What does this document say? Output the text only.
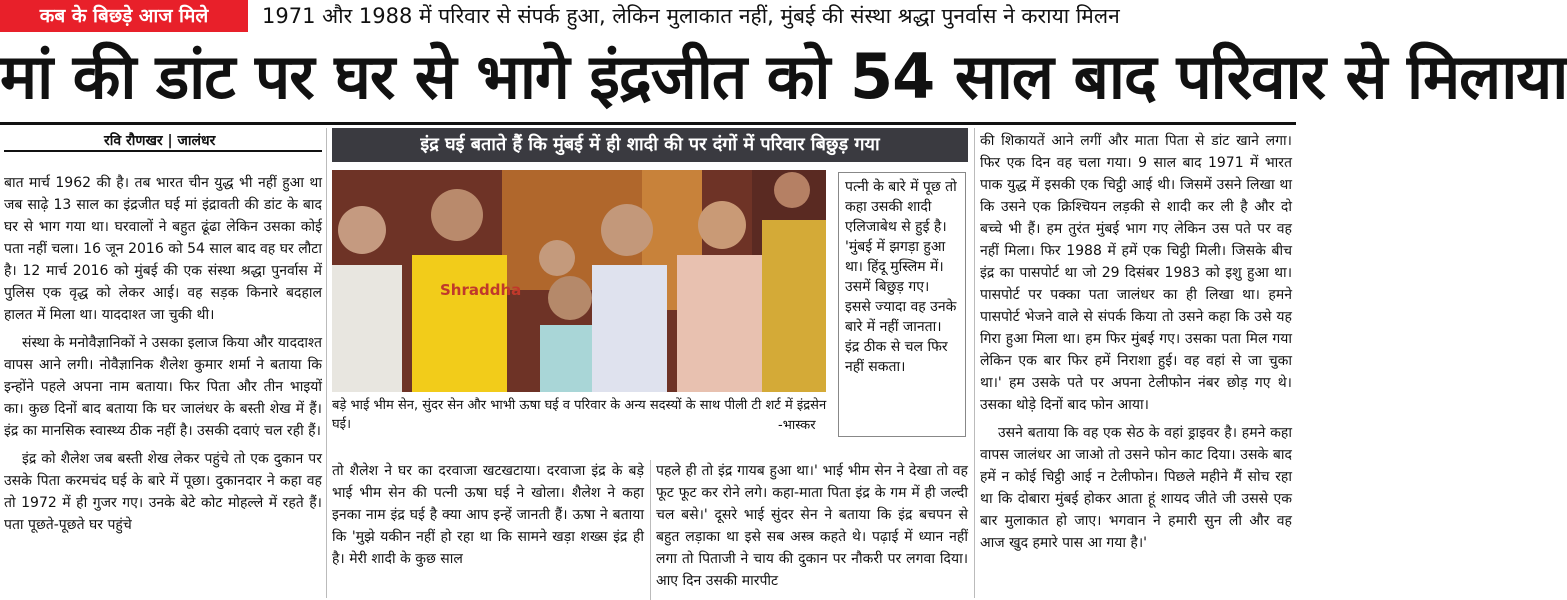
कब के बिछड़े आज मिले	1971 और 1988 में परिवार से संपर्क हुआ, लेकिन मुलाकात नहीं, मुंबई की संस्था श्रद्धा पुनर्वास ने कराया मिलन
मां की डांट पर घर से भागे इंद्रजीत को 54 साल बाद परिवार से मिलाया
रवि रौणखर | जालंधर

बात मार्च 1962 की है। तब भारत चीन युद्ध भी नहीं हुआ था जब साढ़े 13 साल का इंद्रजीत घई मां इंद्रावती की डांट के बाद घर से भाग गया था। घरवालों ने बहुत ढूंढा लेकिन उसका कोई पता नहीं चला। 16 जून 2016 को 54 साल बाद वह घर लौटा है। 12 मार्च 2016 को मुंबई की एक संस्था श्रद्धा पुनर्वास में पुलिस एक वृद्ध को लेकर आई। वह सड़क किनारे बदहाल हालत में मिला था। याददाश्त जा चुकी थी।

संस्था के मनोवैज्ञानिकों ने उसका इलाज किया और याददाश्त वापस आने लगी। नोवैज्ञानिक शैलेश कुमार शर्मा ने बताया कि इन्होंने पहले अपना नाम बताया। फिर पिता और तीन भाइयों का। कुछ दिनों बाद बताया कि घर जालंधर के बस्ती शेख में हैं। इंद्र का मानसिक स्वास्थ्य ठीक नहीं है। उसकी दवाएं चल रही हैं।

इंद्र को शैलेश जब बस्ती शेख लेकर पहुंचे तो एक दुकान पर उसके पिता करमचंद घई के बारे में पूछा। दुकानदार ने कहा वह तो 1972 में ही गुजर गए। उनके बेटे कोट मोहल्ले में रहते हैं। पता पूछते-पूछते घर पहुंचे

इंद्र घई बताते हैं कि मुंबई में ही शादी की पर दंगों में परिवार बिछुड़ गया
Shraddha
पत्नी के बारे में पूछ तो कहा उसकी शादी एलिजाबेथ से हुई है। 'मुंबई में झगड़ा हुआ था। हिंदू मुस्लिम में। उसमें बिछुड़ गए। इससे ज्यादा वह उनके बारे में नहीं जानता। इंद्र ठीक से चल फिर नहीं सकता।
बड़े भाई भीम सेन, सुंदर सेन और भाभी ऊषा घई व परिवार के अन्य सदस्यों के साथ पीली टी शर्ट में इंद्रसेन घई।	-भास्कर

तो शैलेश ने घर का दरवाजा खटखटाया। दरवाजा इंद्र के बड़े भाई भीम सेन की पत्नी ऊषा घई ने खोला। शैलेश ने कहा इनका नाम इंद्र घई है क्या आप इन्हें जानती हैं। ऊषा ने बताया कि 'मुझे यकीन नहीं हो रहा था कि सामने खड़ा शख्स इंद्र ही है। मेरी शादी के कुछ साल

पहले ही तो इंद्र गायब हुआ था।' भाई भीम सेन ने देखा तो वह फूट फूट कर रोने लगे। कहा-माता पिता इंद्र के गम में ही जल्दी चल बसे।' दूसरे भाई सुंदर सेन ने बताया कि इंद्र बचपन से बहुत लड़ाका था इसे सब अस्त्र कहते थे। पढ़ाई में ध्यान नहीं लगा तो पिताजी ने चाय की दुकान पर नौकरी पर लगवा दिया। आए दिन उसकी मारपीट

की शिकायतें आने लगीं और माता पिता से डांट खाने लगा। फिर एक दिन वह चला गया। 9 साल बाद 1971 में भारत पाक युद्ध में इसकी एक चिट्ठी आई थी। जिसमें उसने लिखा था कि उसने एक क्रिश्चियन लड़की से शादी कर ली है और दो बच्चे भी हैं। हम तुरंत मुंबई भाग गए लेकिन उस पते पर वह नहीं मिला। फिर 1988 में हमें एक चिट्ठी मिली। जिसके बीच इंद्र का पासपोर्ट था जो 29 दिसंबर 1983 को इशु हुआ था। पासपोर्ट पर पक्का पता जालंधर का ही लिखा था। हमने पासपोर्ट भेजने वाले से संपर्क किया तो उसने कहा कि उसे यह गिरा हुआ मिला था। हम फिर मुंबई गए। उसका पता मिल गया लेकिन एक बार फिर हमें निराशा हुई। वह वहां से जा चुका था।' हम उसके पते पर अपना टेलीफोन नंबर छोड़ गए थे। उसका थोड़े दिनों बाद फोन आया।

उसने बताया कि वह एक सेठ के वहां ड्राइवर है। हमने कहा वापस जालंधर आ जाओ तो उसने फोन काट दिया। उसके बाद हमें न कोई चिट्ठी आई न टेलीफोन। पिछले महीने मैं सोच रहा था कि दोबारा मुंबई होकर आता हूं शायद जीते जी उससे एक बार मुलाकात हो जाए। भगवान ने हमारी सुन ली और वह आज खुद हमारे पास आ गया है।'
